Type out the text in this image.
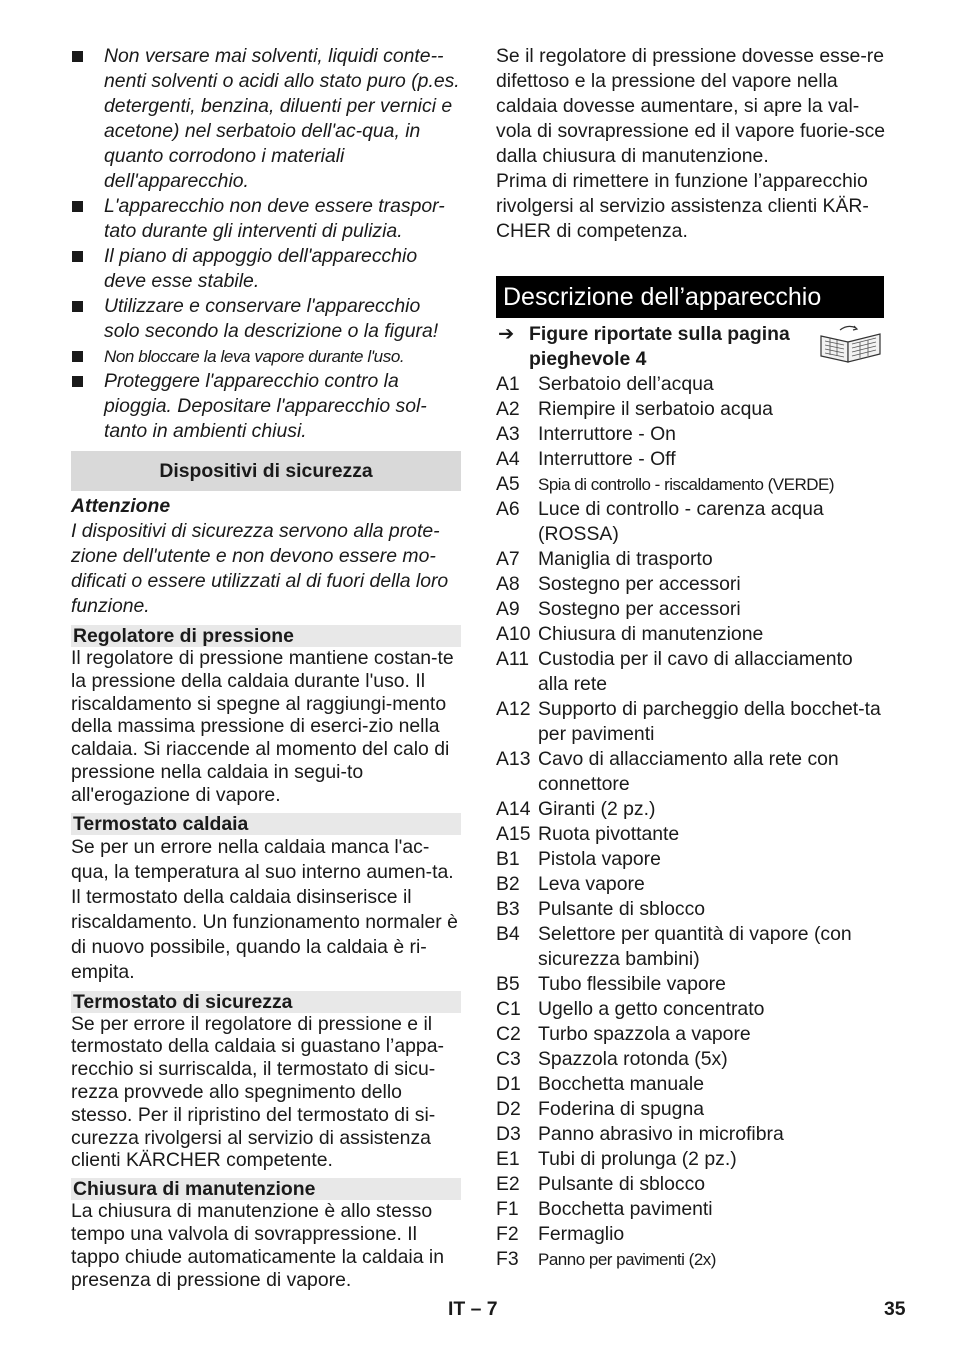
Non versare mai solventi, liquidi conte-nenti solventi o acidi allo stato puro (p.es. detergenti, benzina, diluenti per vernici e acetone) nel serbatoio dell'ac-qua, in quanto corrodono i materiali dell'apparecchio.
L'apparecchio non deve essere traspor-tato durante gli interventi di pulizia.
Il piano di appoggio dell'apparecchio deve esse stabile.
Utilizzare e conservare l'apparecchio solo secondo la descrizione o la figura!
Non bloccare la leva vapore durante l'uso.
Proteggere l'apparecchio contro la pioggia. Depositare l'apparecchio sol-tanto in ambienti chiusi.
Dispositivi di sicurezza

Attenzione

I dispositivi di sicurezza servono alla prote-zione dell'utente e non devono essere mo-dificati o essere utilizzati al di fuori della loro funzione.

Regolatore di pressione

Il regolatore di pressione mantiene costan-te la pressione della caldaia durante l'uso. Il riscaldamento si spegne al raggiungi-mento della massima pressione di eserci-zio nella caldaia. Si riaccende al momento del calo di pressione nella caldaia in segui-to all'erogazione di vapore.

Termostato caldaia

Se per un errore nella caldaia manca l'ac-qua, la temperatura al suo interno aumen-ta. Il termostato della caldaia disinserisce il riscaldamento. Un funzionamento normaler è di nuovo possibile, quando la caldaia è ri-empita.

Termostato di sicurezza

Se per errore il regolatore di pressione e il termostato della caldaia si guastano l’appa-recchio si surriscalda, il termostato di sicu-rezza provvede allo spegnimento dello stesso. Per il ripristino del termostato di si-curezza rivolgersi al servizio di assistenza clienti KÄRCHER competente.

Chiusura di manutenzione

La chiusura di manutenzione è allo stesso tempo una valvola di sovrappressione. Il tappo chiude automaticamente la caldaia in presenza di pressione di vapore.

Se il regolatore di pressione dovesse esse-re difettoso e la pressione del vapore nella caldaia dovesse aumentare, si apre la val-vola di sovrapressione ed il vapore fuorie-sce dalla chiusura di manutenzione.

Prima di rimettere in funzione l’apparecchio rivolgersi al servizio assistenza clienti KÄR-CHER di competenza.

Descrizione dell’apparecchio
➔ Figure riportate sulla pagina pieghevole 4
A1 Serbatoio dell’acqua
A2 Riempire il serbatoio acqua
A3 Interruttore - On
A4 Interruttore - Off
A5 Spia di controllo - riscaldamento (VERDE)
A6 Luce di controllo - carenza acqua (ROSSA)
A7 Maniglia di trasporto
A8 Sostegno per accessori
A9 Sostegno per accessori
A10 Chiusura di manutenzione
A11 Custodia per il cavo di allacciamento alla rete
A12 Supporto di parcheggio della bocchet-ta per pavimenti
A13 Cavo di allacciamento alla rete con connettore
A14 Giranti (2 pz.)
A15 Ruota pivottante
B1 Pistola vapore
B2 Leva vapore
B3 Pulsante di sblocco
B4 Selettore per quantità di vapore (con sicurezza bambini)
B5 Tubo flessibile vapore
C1 Ugello a getto concentrato
C2 Turbo spazzola a vapore
C3 Spazzola rotonda (5x)
D1 Bocchetta manuale
D2 Foderina di spugna
D3 Panno abrasivo in microfibra
E1 Tubi di prolunga (2 pz.)
E2 Pulsante di sblocco
F1 Bocchetta pavimenti
F2 Fermaglio
F3 Panno per pavimenti (2x)
IT – 7	35
